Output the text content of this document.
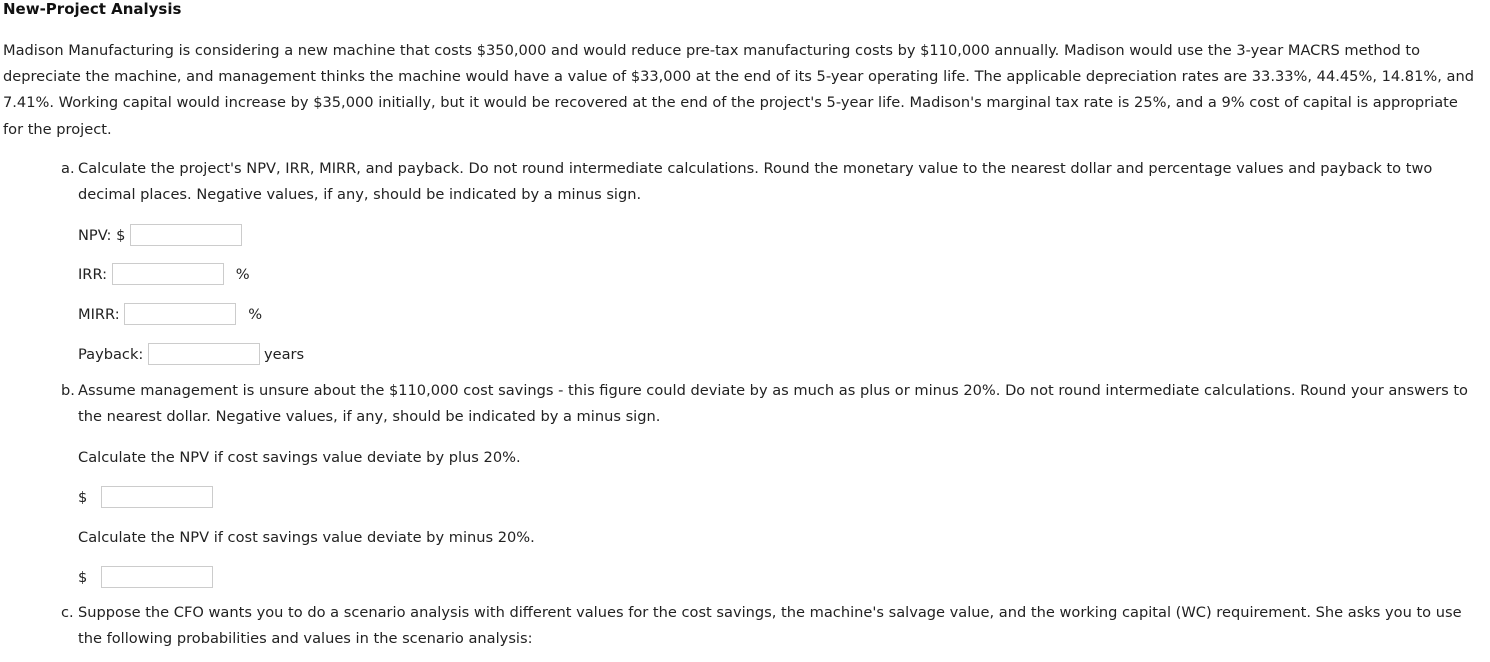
New-Project Analysis
Madison Manufacturing is considering a new machine that costs $350,000 and would reduce pre-tax manufacturing costs by $110,000 annually. Madison would use the 3-year MACRS method to depreciate the machine, and management thinks the machine would have a value of $33,000 at the end of its 5-year operating life. The applicable depreciation rates are 33.33%, 44.45%, 14.81%, and 7.41%. Working capital would increase by $35,000 initially, but it would be recovered at the end of the project's 5-year life. Madison's marginal tax rate is 25%, and a 9% cost of capital is appropriate for the project.
a. Calculate the project's NPV, IRR, MIRR, and payback. Do not round intermediate calculations. Round the monetary value to the nearest dollar and percentage values and payback to two decimal places. Negative values, if any, should be indicated by a minus sign.
NPV: $

IRR:
	%
MIRR:
	%
Payback:
	years
b. Assume management is unsure about the $110,000 cost savings - this figure could deviate by as much as plus or minus 20%. Do not round intermediate calculations. Round your answers to the nearest dollar. Negative values, if any, should be indicated by a minus sign.
Calculate the NPV if cost savings value deviate by plus 20%.
$

Calculate the NPV if cost savings value deviate by minus 20%.
$

c. Suppose the CFO wants you to do a scenario analysis with different values for the cost savings, the machine's salvage value, and the working capital (WC) requirement. She asks you to use the following probabilities and values in the scenario analysis:
